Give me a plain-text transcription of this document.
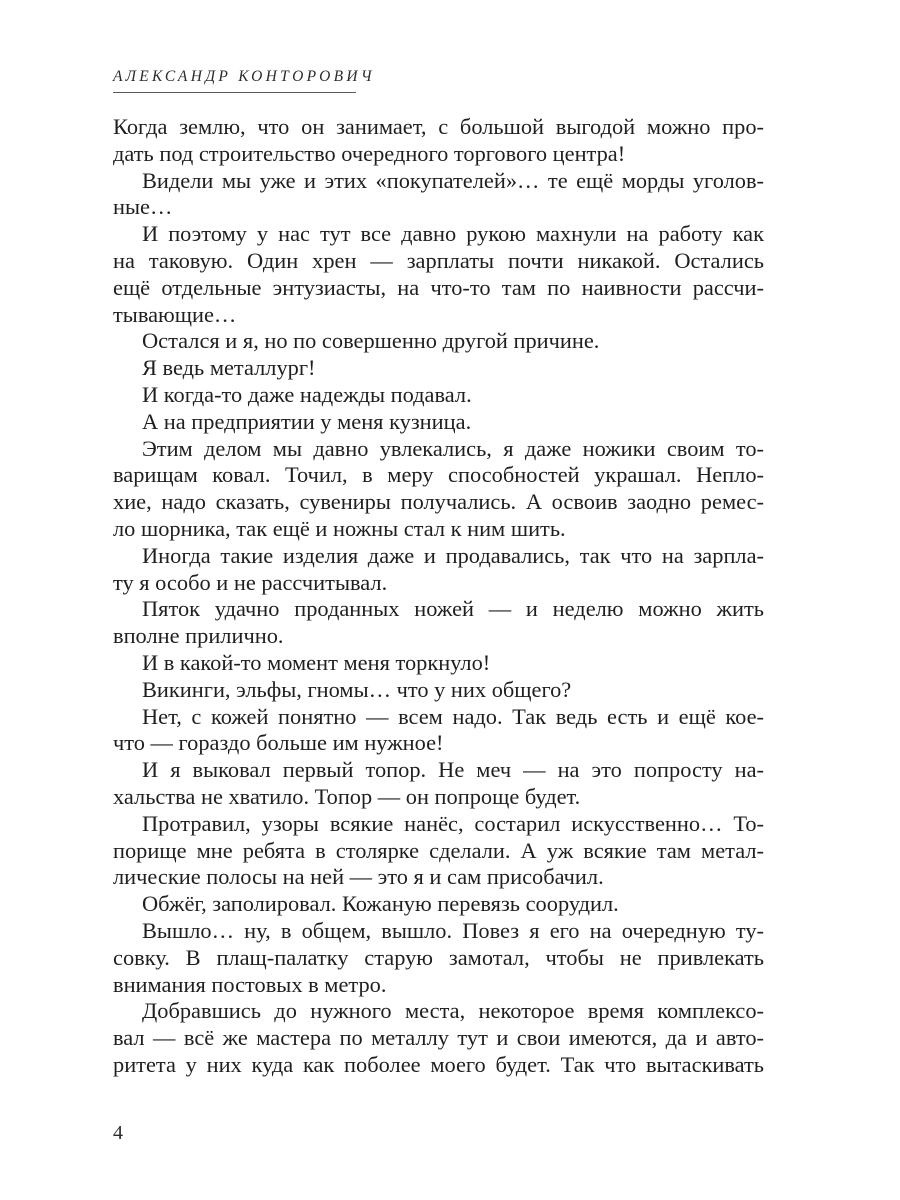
АЛЕКСАНДР КОНТОРОВИЧ
Когда землю, что он занимает, с большой выгодой можно про-
дать под строительство очередного торгового центра!
Видели мы уже и этих «покупателей»… те ещё морды уголов-
ные…
И поэтому у нас тут все давно рукою махнули на работу как
на таковую. Один хрен — зарплаты почти никакой. Остались
ещё отдельные энтузиасты, на что-то там по наивности рассчи-
тывающие…
Остался и я, но по совершенно другой причине.
Я ведь металлург!
И когда-то даже надежды подавал.
А на предприятии у меня кузница.
Этим делом мы давно увлекались, я даже ножики своим то-
варищам ковал. Точил, в меру способностей украшал. Непло-
хие, надо сказать, сувениры получались. А освоив заодно ремес-
ло шорника, так ещё и ножны стал к ним шить.
Иногда такие изделия даже и продавались, так что на зарпла-
ту я особо и не рассчитывал.
Пяток удачно проданных ножей — и неделю можно жить
вполне прилично.
И в какой-то момент меня торкнуло!
Викинги, эльфы, гномы… что у них общего?
Нет, с кожей понятно — всем надо. Так ведь есть и ещё кое-
что — гораздо больше им нужное!
И я выковал первый топор. Не меч — на это попросту на-
хальства не хватило. Топор — он попроще будет.
Протравил, узоры всякие нанёс, состарил искусственно… То-
порище мне ребята в столярке сделали. А уж всякие там метал-
лические полосы на ней — это я и сам присобачил.
Обжёг, заполировал. Кожаную перевязь соорудил.
Вышло… ну, в общем, вышло. Повез я его на очередную ту-
совку. В плащ-палатку старую замотал, чтобы не привлекать
внимания постовых в метро.
Добравшись до нужного места, некоторое время комплексо-
вал — всё же мастера по металлу тут и свои имеются, да и авто-
ритета у них куда как поболее моего будет. Так что вытаскивать
4
